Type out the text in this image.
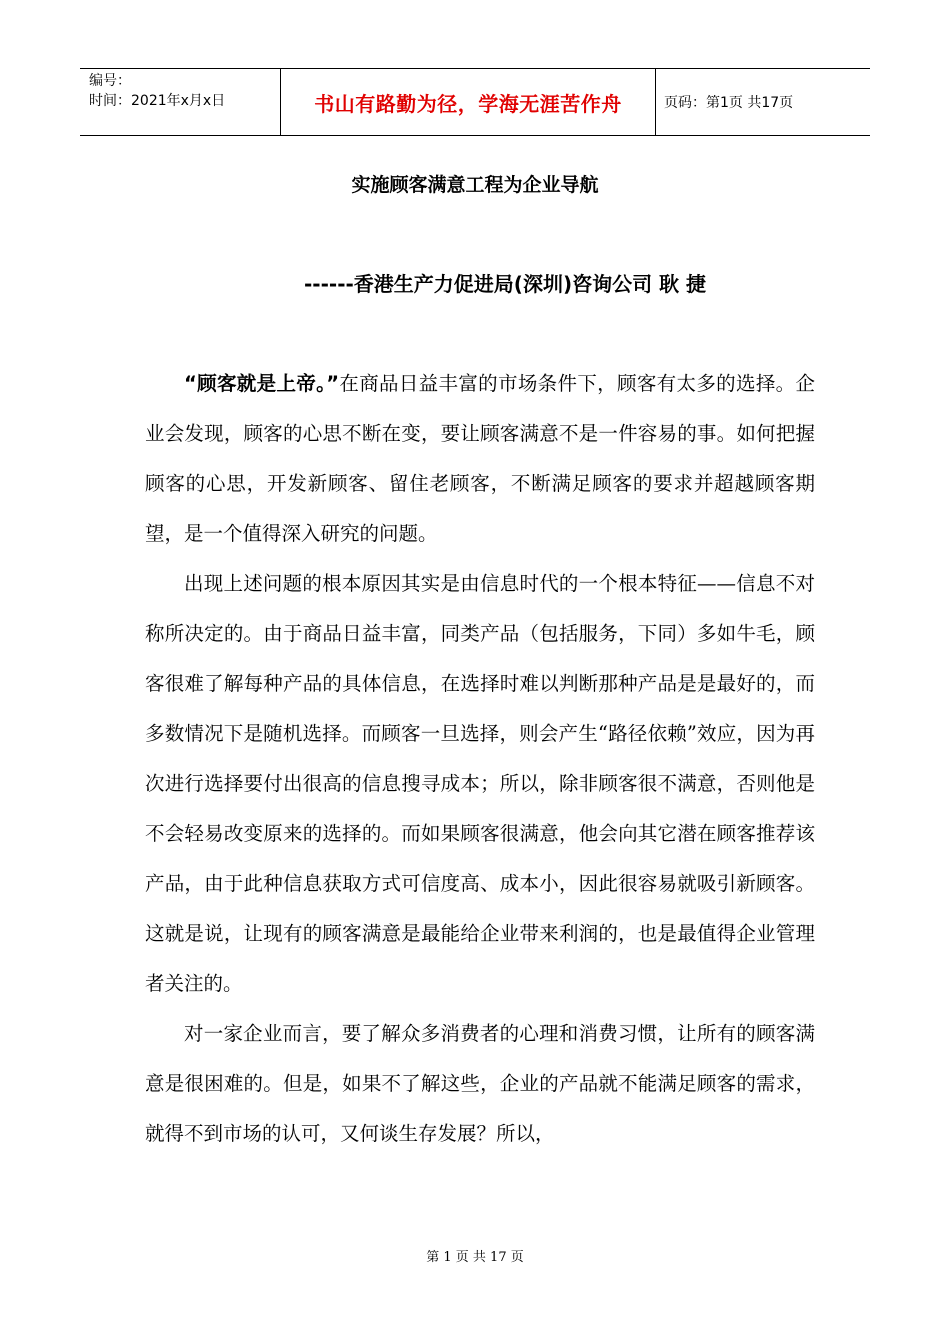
编号：
时间：2021年x月x日	书山有路勤为径，学海无涯苦作舟	页码：第1页 共17页
实施顾客满意工程为企业导航
------香港生产力促进局(深圳)咨询公司 耿 捷

“顾客就是上帝。”在商品日益丰富的市场条件下，顾客有太多的选择。企业会发现，顾客的心思不断在变，要让顾客满意不是一件容易的事。如何把握顾客的心思，开发新顾客、留住老顾客，不断满足顾客的要求并超越顾客期望，是一个值得深入研究的问题。

出现上述问题的根本原因其实是由信息时代的一个根本特征——信息不对称所决定的。由于商品日益丰富，同类产品（包括服务，下同）多如牛毛，顾客很难了解每种产品的具体信息，在选择时难以判断那种产品是是最好的，而多数情况下是随机选择。而顾客一旦选择，则会产生“路径依赖”效应，因为再次进行选择要付出很高的信息搜寻成本；所以，除非顾客很不满意，否则他是不会轻易改变原来的选择的。而如果顾客很满意，他会向其它潜在顾客推荐该产品，由于此种信息获取方式可信度高、成本小，因此很容易就吸引新顾客。这就是说，让现有的顾客满意是最能给企业带来利润的，也是最值得企业管理者关注的。

对一家企业而言，要了解众多消费者的心理和消费习惯，让所有的顾客满意是很困难的。但是，如果不了解这些，企业的产品就不能满足顾客的需求，就得不到市场的认可，又何谈生存发展？所以，

第 1 页 共 17 页
